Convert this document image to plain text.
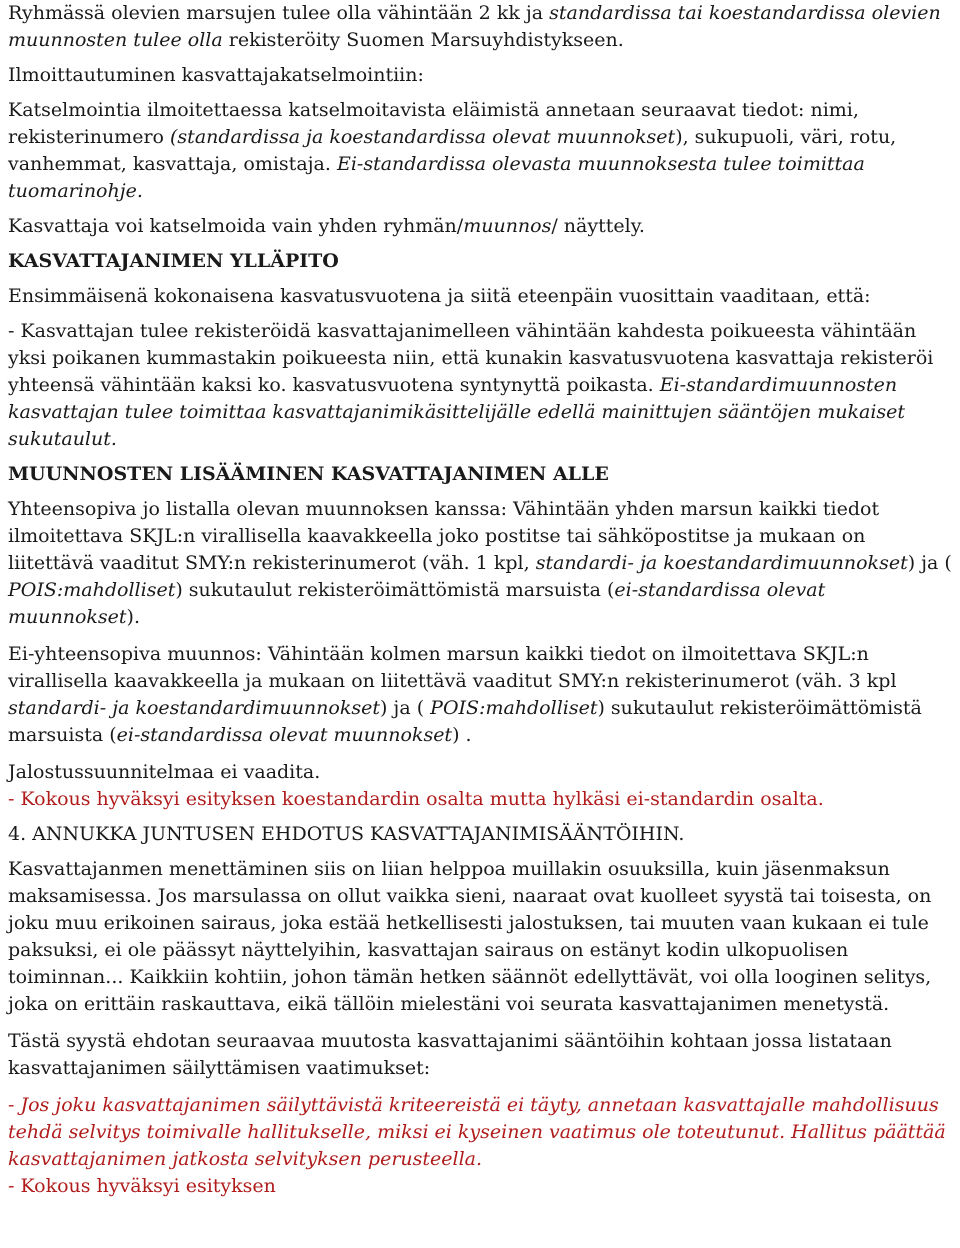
Ryhmässä olevien marsujen tulee olla vähintään 2 kk ja standardissa tai koestandardissa olevien muunnosten tulee olla rekisteröity Suomen Marsuyhdistykseen.

Ilmoittautuminen kasvattajakatselmointiin:

Katselmointia ilmoitettaessa katselmoitavista eläimistä annetaan seuraavat tiedot: nimi, rekisterinumero (standardissa ja koestandardissa olevat muunnokset), sukupuoli, väri, rotu, vanhemmat, kasvattaja, omistaja. Ei-standardissa olevasta muunnoksesta tulee toimittaa tuomarinohje.

Kasvattaja voi katselmoida vain yhden ryhmän/muunnos/ näyttely.

KASVATTAJANIMEN YLLÄPITO

Ensimmäisenä kokonaisena kasvatusvuotena ja siitä eteenpäin vuosittain vaaditaan, että:

- Kasvattajan tulee rekisteröidä kasvattajanimelleen vähintään kahdesta poikueesta vähintään yksi poikanen kummastakin poikueesta niin, että kunakin kasvatusvuotena kasvattaja rekisteröi yhteensä vähintään kaksi ko. kasvatusvuotena syntynyttä poikasta. Ei-standardimuunnosten kasvattajan tulee toimittaa kasvattajanimikäsittelijälle edellä mainittujen sääntöjen mukaiset sukutaulut.

MUUNNOSTEN LISÄÄMINEN KASVATTAJANIMEN ALLE

Yhteensopiva jo listalla olevan muunnoksen kanssa: Vähintään yhden marsun kaikki tiedot ilmoitettava SKJL:n virallisella kaavakkeella joko postitse tai sähköpostitse ja mukaan on liitettävä vaaditut SMY:n rekisterinumerot (väh. 1 kpl, standardi- ja koestandardimuunnokset) ja ( POIS:mahdolliset) sukutaulut rekisteröimättömistä marsuista (ei-standardissa olevat muunnokset).

Ei-yhteensopiva muunnos: Vähintään kolmen marsun kaikki tiedot on ilmoitettava SKJL:n virallisella kaavakkeella ja mukaan on liitettävä vaaditut SMY:n rekisterinumerot (väh. 3 kpl standardi- ja koestandardimuunnokset) ja ( POIS:mahdolliset) sukutaulut rekisteröimättömistä marsuista (ei-standardissa olevat muunnokset) .

Jalostussuunnitelmaa ei vaadita.

- Kokous hyväksyi esityksen koestandardin osalta mutta hylkäsi ei-standardin osalta.

4. ANNUKKA JUNTUSEN EHDOTUS KASVATTAJANIMISÄÄNTÖIHIN.

Kasvattajanmen menettäminen siis on liian helppoa muillakin osuuksilla, kuin jäsenmaksun maksamisessa. Jos marsulassa on ollut vaikka sieni, naaraat ovat kuolleet syystä tai toisesta, on joku muu erikoinen sairaus, joka estää hetkellisesti jalostuksen, tai muuten vaan kukaan ei tule paksuksi, ei ole päässyt näyttelyihin, kasvattajan sairaus on estänyt kodin ulkopuolisen toiminnan... Kaikkiin kohtiin, johon tämän hetken säännöt edellyttävät, voi olla looginen selitys, joka on erittäin raskauttava, eikä tällöin mielestäni voi seurata kasvattajanimen menetystä.

Tästä syystä ehdotan seuraavaa muutosta kasvattajanimi sääntöihin kohtaan jossa listataan kasvattajanimen säilyttämisen vaatimukset:

- Jos joku kasvattajanimen säilyttävistä kriteereistä ei täyty, annetaan kasvattajalle mahdollisuus tehdä selvitys toimivalle hallitukselle, miksi ei kyseinen vaatimus ole toteutunut. Hallitus päättää kasvattajanimen jatkosta selvityksen perusteella.

- Kokous hyväksyi esityksen
